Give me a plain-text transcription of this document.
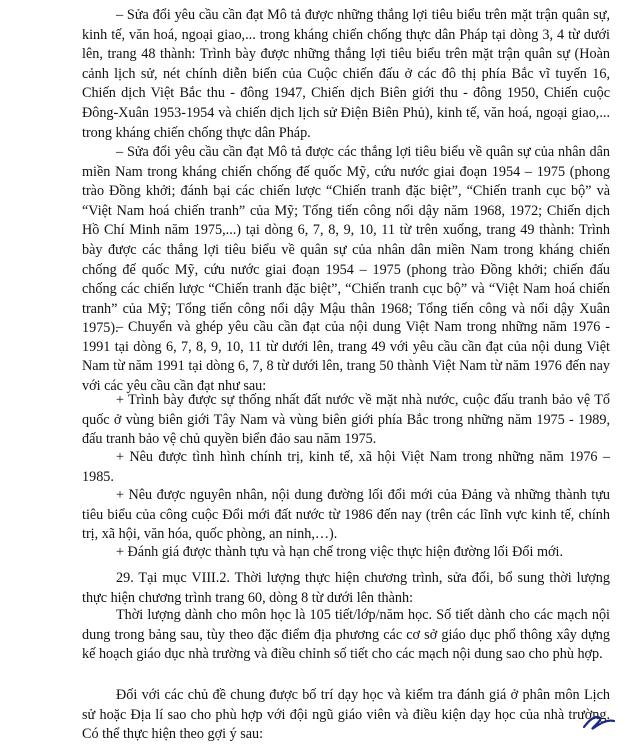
– Sửa đổi yêu cầu cần đạt Mô tả được những thắng lợi tiêu biểu trên mặt trận quân sự, kinh tế, văn hoá, ngoại giao,... trong kháng chiến chống thực dân Pháp tại dòng 3, 4 từ dưới lên, trang 48 thành: Trình bày được những thắng lợi tiêu biểu trên mặt trận quân sự (Hoàn cảnh lịch sử, nét chính diễn biến của Cuộc chiến đấu ở các đô thị phía Bắc vĩ tuyến 16, Chiến dịch Việt Bắc thu - đông 1947, Chiến dịch Biên giới thu - đông 1950, Chiến cuộc Đông-Xuân 1953-1954 và chiến dịch lịch sử Điện Biên Phủ), kinh tế, văn hoá, ngoại giao,... trong kháng chiến chống thực dân Pháp.

– Sửa đổi yêu cầu cần đạt Mô tả được các thắng lợi tiêu biểu về quân sự của nhân dân miền Nam trong kháng chiến chống đế quốc Mỹ, cứu nước giai đoạn 1954 – 1975 (phong trào Đồng khởi; đánh bại các chiến lược “Chiến tranh đặc biệt”, “Chiến tranh cục bộ” và “Việt Nam hoá chiến tranh” của Mỹ; Tổng tiến công nổi dậy năm 1968, 1972; Chiến dịch Hồ Chí Minh năm 1975,...) tại dòng 6, 7, 8, 9, 10, 11 từ trên xuống, trang 49 thành: Trình bày được các thắng lợi tiêu biểu về quân sự của nhân dân miền Nam trong kháng chiến chống đế quốc Mỹ, cứu nước giai đoạn 1954 – 1975 (phong trào Đồng khởi; chiến đấu chống các chiến lược “Chiến tranh đặc biệt”, “Chiến tranh cục bộ” và “Việt Nam hoá chiến tranh” của Mỹ; Tổng tiến công nổi dậy Mậu thân 1968; Tổng tiến công và nổi dậy Xuân 1975).

– Chuyển và ghép yêu cầu cần đạt của nội dung Việt Nam trong những năm 1976 - 1991 tại dòng 6, 7, 8, 9, 10, 11 từ dưới lên, trang 49 với yêu cầu cần đạt của nội dung Việt Nam từ năm 1991 tại dòng 6, 7, 8 từ dưới lên, trang 50 thành Việt Nam từ năm 1976 đến nay với các yêu cầu cần đạt như sau:

+ Trình bày được sự thống nhất đất nước về mặt nhà nước, cuộc đấu tranh bảo vệ Tổ quốc ở vùng biên giới Tây Nam và vùng biên giới phía Bắc trong những năm 1975 - 1989, đấu tranh bảo vệ chủ quyền biển đảo sau năm 1975.

+ Nêu được tình hình chính trị, kinh tế, xã hội Việt Nam trong những năm 1976 – 1985.

+ Nêu được nguyên nhân, nội dung đường lối đổi mới của Đảng và những thành tựu tiêu biểu của công cuộc Đổi mới đất nước từ 1986 đến nay (trên các lĩnh vực kinh tế, chính trị, xã hội, văn hóa, quốc phòng, an ninh,…).

+ Đánh giá được thành tựu và hạn chế trong việc thực hiện đường lối Đổi mới.

29. Tại mục VIII.2. Thời lượng thực hiện chương trình, sửa đổi, bổ sung thời lượng thực hiện chương trình trang 60, dòng 8 từ dưới lên thành:

Thời lượng dành cho môn học là 105 tiết/lớp/năm học. Số tiết dành cho các mạch nội dung trong bảng sau, tùy theo đặc điểm địa phương các cơ sở giáo dục phổ thông xây dựng kế hoạch giáo dục nhà trường và điều chỉnh số tiết cho các mạch nội dung sao cho phù hợp.

Đối với các chủ đề chung được bố trí dạy học và kiểm tra đánh giá ở phân môn Lịch sử hoặc Địa lí sao cho phù hợp với đội ngũ giáo viên và điều kiện dạy học của nhà trường. Có thể thực hiện theo gợi ý sau:
